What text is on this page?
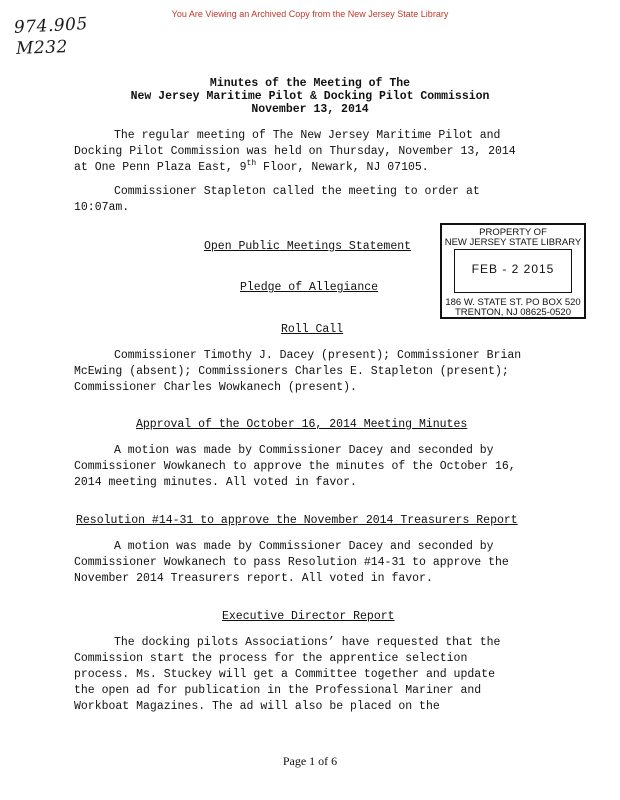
You Are Viewing an Archived Copy from the New Jersey State Library
974.905
M232
Minutes of the Meeting of The
New Jersey Maritime Pilot & Docking Pilot Commission
November 13, 2014
The regular meeting of The New Jersey Maritime Pilot and
Docking Pilot Commission was held on Thursday, November 13, 2014
at One Penn Plaza East, 9th Floor, Newark, NJ 07105.
Commissioner Stapleton called the meeting to order at
10:07am.
PROPERTY OF
NEW JERSEY STATE LIBRARY
FEB - 2 2015
186 W. STATE ST. PO BOX 520
TRENTON, NJ 08625-0520
Open Public Meetings Statement
Pledge of Allegiance
Roll Call
Commissioner Timothy J. Dacey (present); Commissioner Brian
McEwing (absent); Commissioners Charles E. Stapleton (present);
Commissioner Charles Wowkanech (present).
Approval of the October 16, 2014 Meeting Minutes
A motion was made by Commissioner Dacey and seconded by
Commissioner Wowkanech to approve the minutes of the October 16,
2014 meeting minutes. All voted in favor.
Resolution #14-31 to approve the November 2014 Treasurers Report
A motion was made by Commissioner Dacey and seconded by
Commissioner Wowkanech to pass Resolution #14-31 to approve the
November 2014 Treasurers report. All voted in favor.
Executive Director Report
The docking pilots Associations’ have requested that the
Commission start the process for the apprentice selection
process. Ms. Stuckey will get a Committee together and update
the open ad for publication in the Professional Mariner and
Workboat Magazines. The ad will also be placed on the
Page 1 of 6
